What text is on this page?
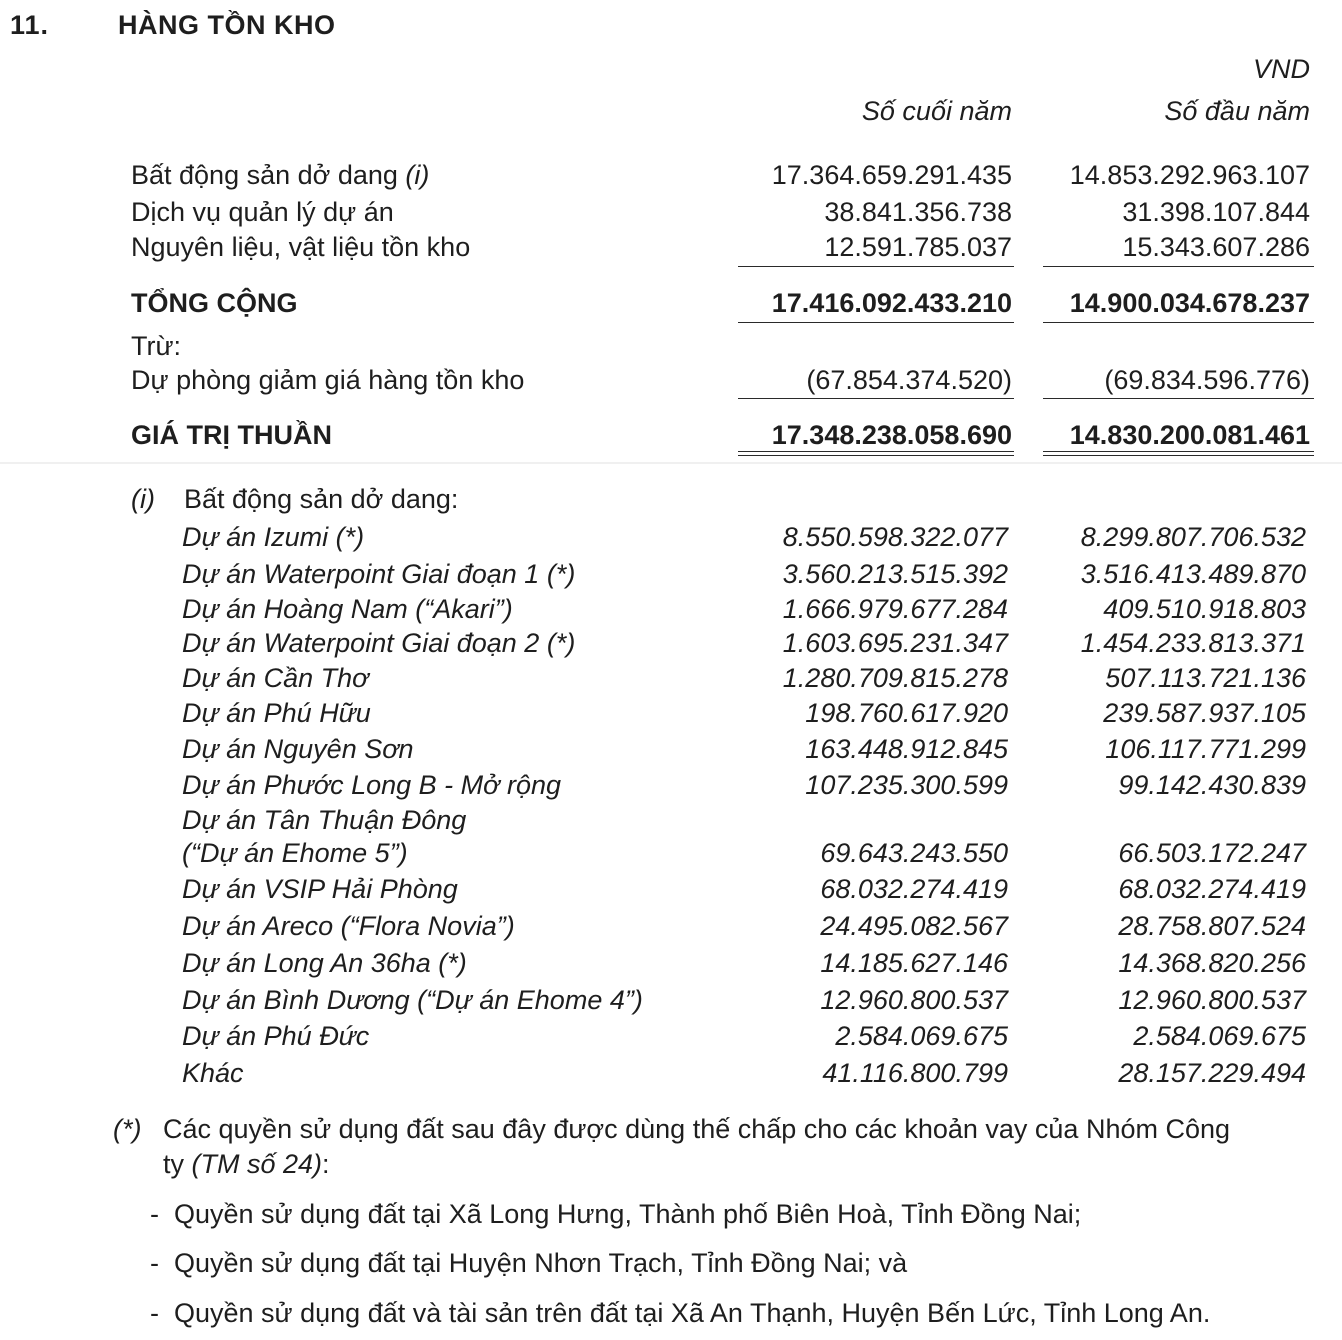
11.	HÀNG TỒN KHO
VND
Số cuối năm	Số đầu năm
Bất động sản dở dang (i)	17.364.659.291.435 14.853.292.963.107
Dịch vụ quản lý dự án	38.841.356.738	31.398.107.844
Nguyên liệu, vật liệu tồn kho	12.591.785.037	15.343.607.286
TỔNG CỘNG	17.416.092.433.210 14.900.034.678.237
Trừ:
Dự phòng giảm giá hàng tồn kho	(67.854.374.520)	(69.834.596.776)
GIÁ TRỊ THUẦN	17.348.238.058.690 14.830.200.081.461
(i) Bất động sản dở dang:
Dự án Izumi (*)	8.550.598.322.077	8.299.807.706.532
Dự án Waterpoint Giai đoạn 1 (*)	3.560.213.515.392	3.516.413.489.870
Dự án Hoàng Nam (“Akari”)	1.666.979.677.284	409.510.918.803
Dự án Waterpoint Giai đoạn 2 (*)	1.603.695.231.347	1.454.233.813.371
Dự án Cần Thơ	1.280.709.815.278	507.113.721.136
Dự án Phú Hữu	198.760.617.920	239.587.937.105
Dự án Nguyên Sơn	163.448.912.845	106.117.771.299
Dự án Phước Long B - Mở rộng	107.235.300.599	99.142.430.839
Dự án Tân Thuận Đông
(“Dự án Ehome 5”)	69.643.243.550	66.503.172.247
Dự án VSIP Hải Phòng	68.032.274.419	68.032.274.419
Dự án Areco (“Flora Novia”)	24.495.082.567	28.758.807.524
Dự án Long An 36ha (*)	14.185.627.146	14.368.820.256
Dự án Bình Dương (“Dự án Ehome 4”)	12.960.800.537	12.960.800.537
Dự án Phú Đức	2.584.069.675	2.584.069.675
Khác	41.116.800.799	28.157.229.494
(*) Các quyền sử dụng đất sau đây được dùng thế chấp cho các khoản vay của Nhóm Công
ty (TM số 24):
-  Quyền sử dụng đất tại Xã Long Hưng, Thành phố Biên Hoà, Tỉnh Đồng Nai;
-  Quyền sử dụng đất tại Huyện Nhơn Trạch, Tỉnh Đồng Nai; và
-  Quyền sử dụng đất và tài sản trên đất tại Xã An Thạnh, Huyện Bến Lức, Tỉnh Long An.
